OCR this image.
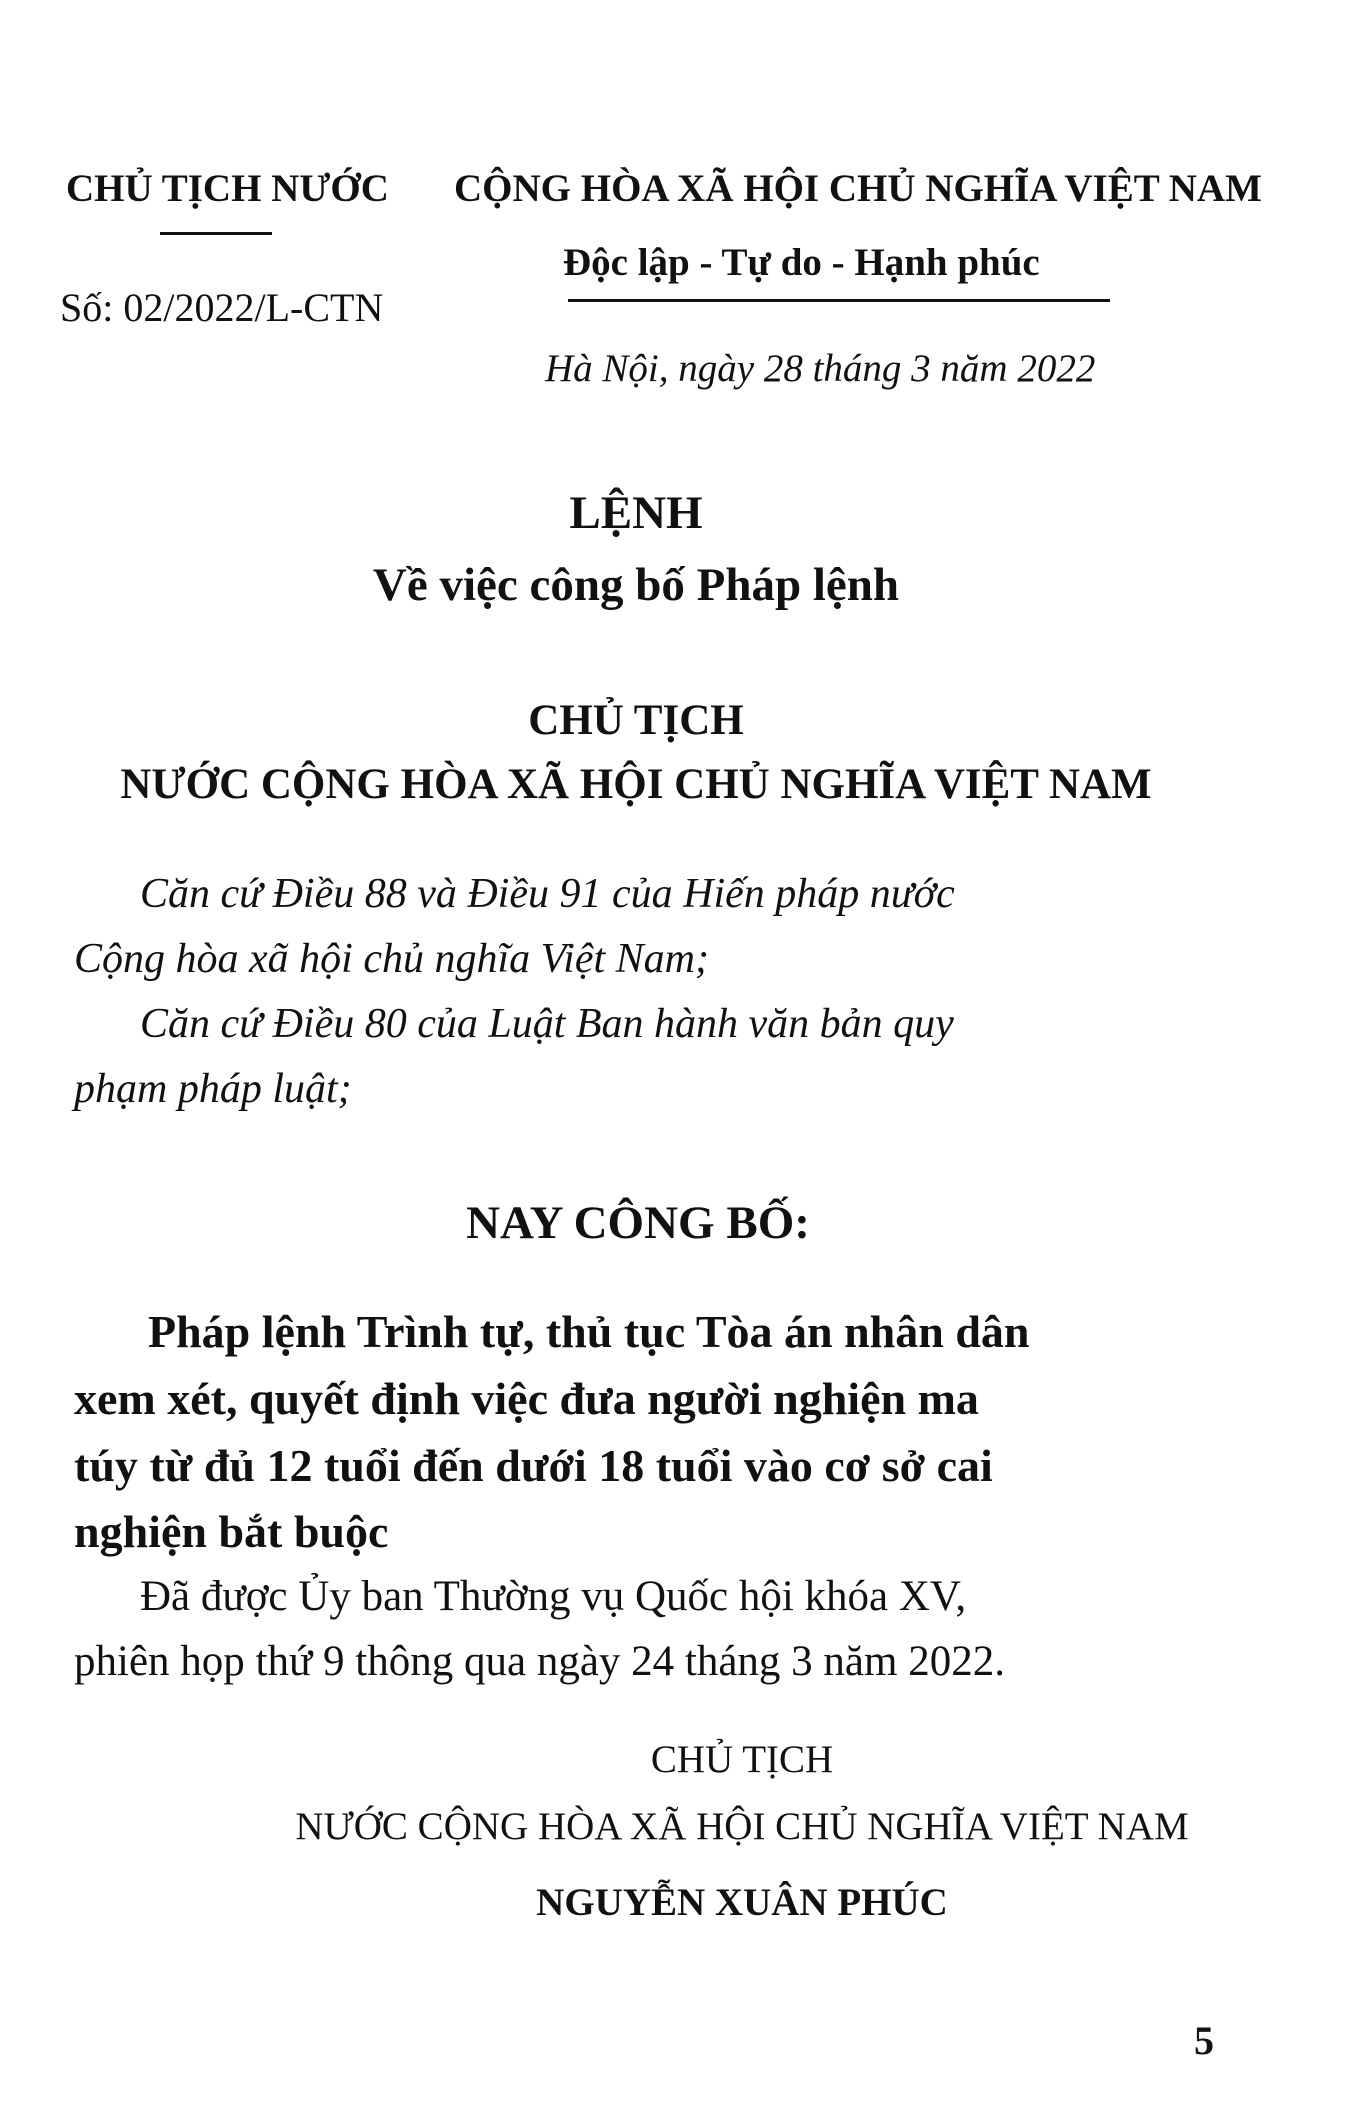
CHỦ TỊCH NƯỚC
Số: 02/2022/L-CTN
CỘNG HÒA XÃ HỘI CHỦ NGHĨA VIỆT NAM
Độc lập - Tự do - Hạnh phúc
Hà Nội, ngày 28 tháng 3 năm 2022
LỆNH
Về việc công bố Pháp lệnh
CHỦ TỊCH
NƯỚC CỘNG HÒA XÃ HỘI CHỦ NGHĨA VIỆT NAM
Căn cứ Điều 88 và Điều 91 của Hiến pháp nước
Cộng hòa xã hội chủ nghĩa Việt Nam;
Căn cứ Điều 80 của Luật Ban hành văn bản quy
phạm pháp luật;
NAY CÔNG BỐ:
Pháp lệnh Trình tự, thủ tục Tòa án nhân dân
xem xét, quyết định việc đưa người nghiện ma
túy từ đủ 12 tuổi đến dưới 18 tuổi vào cơ sở cai
nghiện bắt buộc
Đã được Ủy ban Thường vụ Quốc hội khóa XV,
phiên họp thứ 9 thông qua ngày 24 tháng 3 năm 2022.
CHỦ TỊCH
NƯỚC CỘNG HÒA XÃ HỘI CHỦ NGHĨA VIỆT NAM
NGUYỄN XUÂN PHÚC
5
